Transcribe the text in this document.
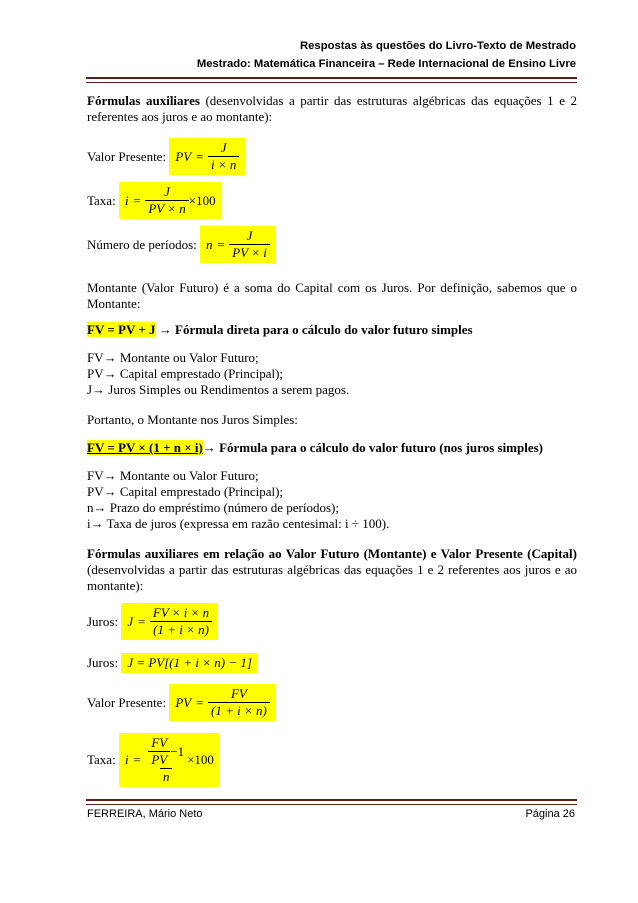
Respostas às questões do Livro-Texto de Mestrado
Mestrado: Matemática Financeira – Rede Internacional de Ensino Livre
Fórmulas auxiliares (desenvolvidas a partir das estruturas algébricas das equações 1 e 2 referentes aos juros e ao montante):
Valor Presente:
PV = $\frac{J}{i \times n}$
Taxa:
$i = \frac{J}{PV \times n} \times 100$
Número de períodos:
$n = \frac{J}{PV \times i}$
Montante (Valor Futuro) é a soma do Capital com os Juros. Por definição, sabemos que o Montante:
FV = PV + J → Fórmula direta para o cálculo do valor futuro simples
FV→ Montante ou Valor Futuro;
PV→ Capital emprestado (Principal);
J→ Juros Simples ou Rendimentos a serem pagos.
Portanto, o Montante nos Juros Simples:
FV = PV × (1 + n × i)→ Fórmula para o cálculo do valor futuro (nos juros simples)
FV→ Montante ou Valor Futuro;
PV→ Capital emprestado (Principal);
n→ Prazo do empréstimo (número de períodos);
i→ Taxa de juros (expressa em razão centesimal: i ÷ 100).
Fórmulas auxiliares em relação ao Valor Futuro (Montante) e Valor Presente (Capital) (desenvolvidas a partir das estruturas algébricas das equações 1 e 2 referentes aos juros e ao montante):
Juros:
$J = \frac{FV \times i \times n}{(1 + i \times n)}$
Juros:
J = PV[(1 + i × n) − 1]
Valor Presente:
PV = $\frac{FV}{(1 + i \times n)}$
Taxa:
$i = \frac{\frac{FV}{PV} -1}{n} \times 100$
FERREIRA, Mário Neto	Página 26
